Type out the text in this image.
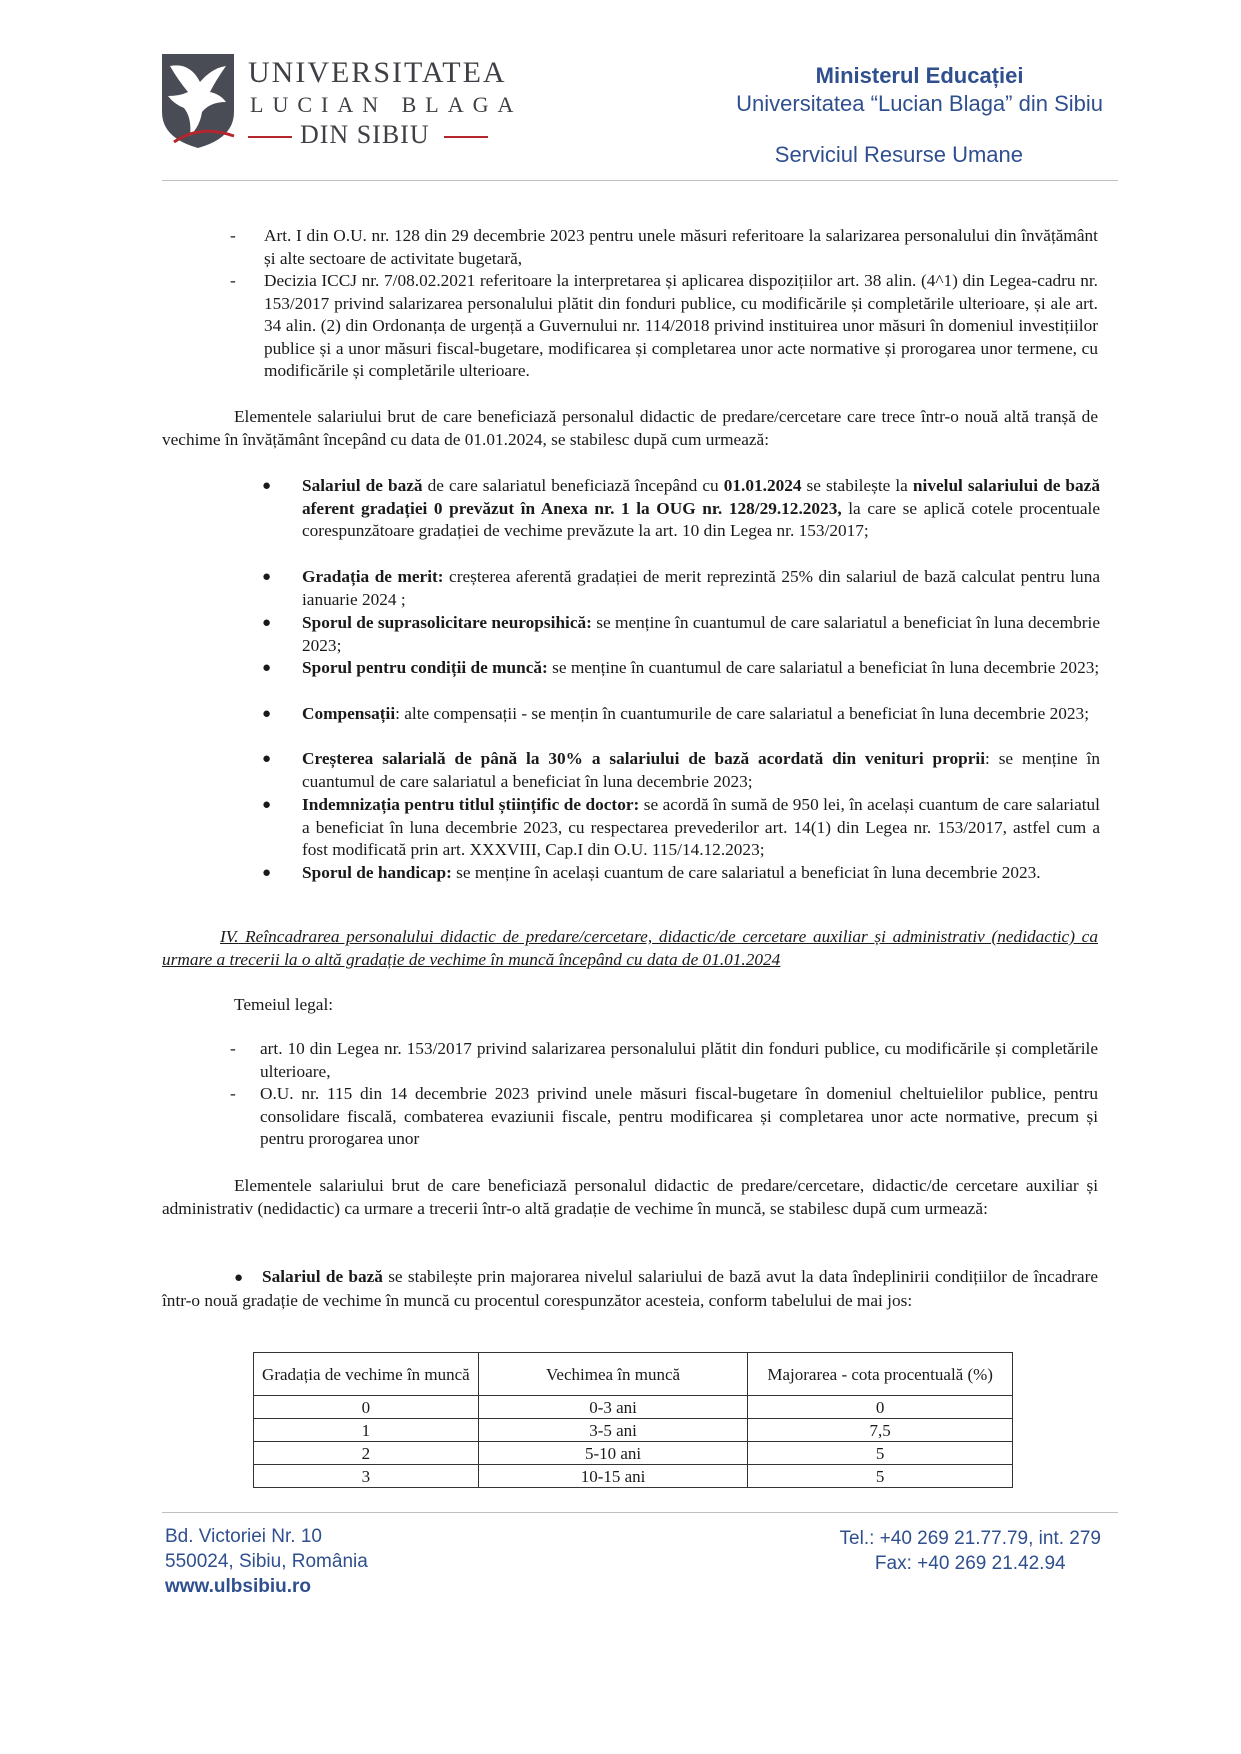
UNIVERSITATEA
LUCIAN BLAGA
DIN SIBIU
Ministerul Educației
Universitatea “Lucian Blaga” din Sibiu
Serviciul Resurse Umane
- Art. I din O.U. nr. 128 din 29 decembrie 2023 pentru unele măsuri referitoare la salarizarea personalului din învățământ și alte sectoare de activitate bugetară,
- Decizia ICCJ nr. 7/08.02.2021 referitoare la interpretarea și aplicarea dispozițiilor art. 38 alin. (4^1) din Legea-cadru nr. 153/2017 privind salarizarea personalului plătit din fonduri publice, cu modificările și completările ulterioare, și ale art. 34 alin. (2) din Ordonanța de urgență a Guvernului nr. 114/2018 privind instituirea unor măsuri în domeniul investițiilor publice și a unor măsuri fiscal-bugetare, modificarea și completarea unor acte normative și prorogarea unor termene, cu modificările și completările ulterioare.
Elementele salariului brut de care beneficiază personalul didactic de predare/cercetare care trece într-o nouă altă tranșă de vechime în învățământ începând cu data de 01.01.2024, se stabilesc după cum urmează:
● Salariul de bază de care salariatul beneficiază începând cu 01.01.2024 se stabilește la nivelul salariului de bază aferent gradației 0 prevăzut în Anexa nr. 1 la OUG nr. 128/29.12.2023, la care se aplică cotele procentuale corespunzătoare gradației de vechime prevăzute la art. 10 din Legea nr. 153/2017;
● Gradația de merit: creșterea aferentă gradației de merit reprezintă 25% din salariul de bază calculat pentru luna ianuarie 2024 ;
● Sporul de suprasolicitare neuropsihică: se menține în cuantumul de care salariatul a beneficiat în luna decembrie 2023;
● Sporul pentru condiții de muncă: se menține în cuantumul de care salariatul a beneficiat în luna decembrie 2023;
● Compensații: alte compensații - se mențin în cuantumurile de care salariatul a beneficiat în luna decembrie 2023;
● Creșterea salarială de până la 30% a salariului de bază acordată din venituri proprii: se menține în cuantumul de care salariatul a beneficiat în luna decembrie 2023;
● Indemnizația pentru titlul științific de doctor: se acordă în sumă de 950 lei, în același cuantum de care salariatul a beneficiat în luna decembrie 2023, cu respectarea prevederilor art. 14(1) din Legea nr. 153/2017, astfel cum a fost modificată prin art. XXXVIII, Cap.I din O.U. 115/14.12.2023;
● Sporul de handicap: se menține în același cuantum de care salariatul a beneficiat în luna decembrie 2023.
IV. Reîncadrarea personalului didactic de predare/cercetare, didactic/de cercetare auxiliar și administrativ (nedidactic) ca urmare a trecerii la o altă gradație de vechime în muncă începând cu data de 01.01.2024
Temeiul legal:
- art. 10 din Legea nr. 153/2017 privind salarizarea personalului plătit din fonduri publice, cu modificările și completările ulterioare,
- O.U. nr. 115 din 14 decembrie 2023 privind unele măsuri fiscal-bugetare în domeniul cheltuielilor publice, pentru consolidare fiscală, combaterea evaziunii fiscale, pentru modificarea și completarea unor acte normative, precum și pentru prorogarea unor
Elementele salariului brut de care beneficiază personalul didactic de predare/cercetare, didactic/de cercetare auxiliar și administrativ (nedidactic) ca urmare a trecerii într-o altă gradație de vechime în muncă, se stabilesc după cum urmează:
● Salariul de bază se stabilește prin majorarea nivelul salariului de bază avut la data îndeplinirii condițiilor de încadrare într-o nouă gradație de vechime în muncă cu procentul corespunzător acesteia, conform tabelului de mai jos:
Gradația de vechime în muncă	Vechimea în muncă	Majorarea - cota procentuală (%)
0	0-3 ani	0
1	3-5 ani	7,5
2	5-10 ani	5
3	10-15 ani	5
Bd. Victoriei Nr. 10
550024, Sibiu, România
www.ulbsibiu.ro
Tel.: +40 269 21.77.79, int. 279
Fax: +40 269 21.42.94
